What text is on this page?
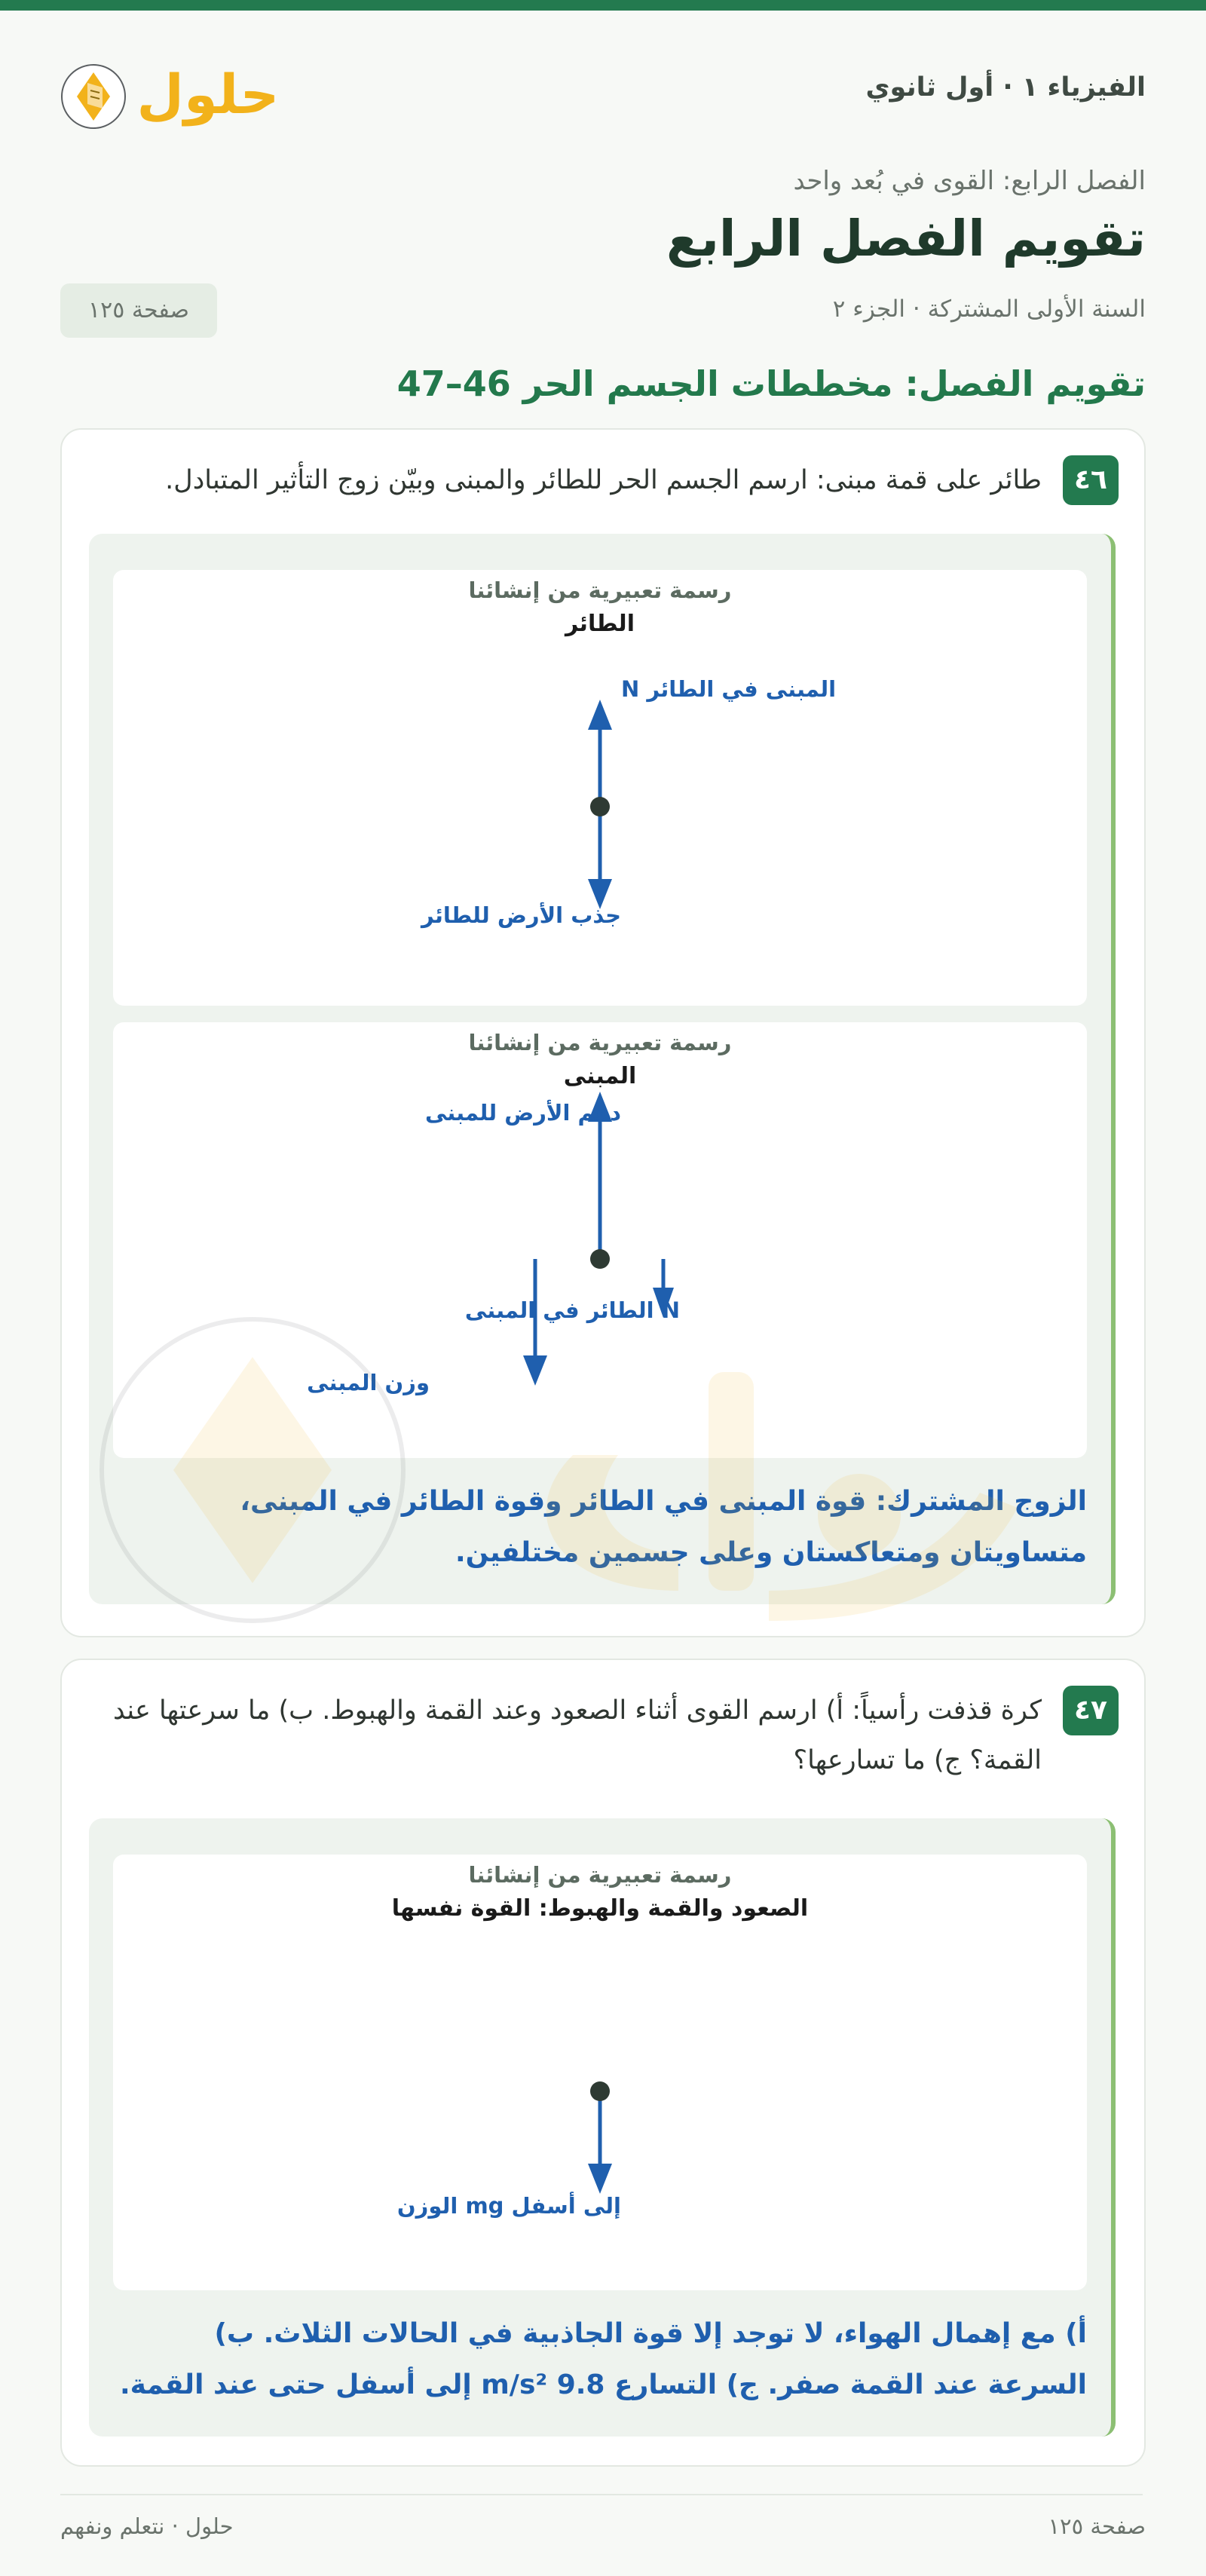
الفيزياء ١ · أول ثانوي
حلول
الفصل الرابع: القوى في بُعد واحد
تقويم الفصل الرابع
السنة الأولى المشتركة · الجزء ٢
صفحة ١٢٥
تقويم الفصل: مخططات الجسم الحر 46–47
٤٦
طائر على قمة مبنى: ارسم الجسم الحر للطائر والمبنى وبيّن زوج التأثير المتبادل.
N المبنى في الطائر
جذب الأرض للطائر
رسمة تعبيرية من إنشائنا
الطائر
دعم الأرض للمبنى
N الطائر في المبنى
وزن المبنى
رسمة تعبيرية من إنشائنا
المبنى
الزوج المشترك: قوة المبنى في الطائر وقوة الطائر في المبنى، متساويتان ومتعاكستان وعلى جسمين مختلفين.
٤٧
كرة قذفت رأسياً: أ) ارسم القوى أثناء الصعود وعند القمة والهبوط. ب) ما سرعتها عند القمة؟ ج) ما تسارعها؟
إلى أسفل mg الوزن
رسمة تعبيرية من إنشائنا
الصعود والقمة والهبوط: القوة نفسها
أ) مع إهمال الهواء، لا توجد إلا قوة الجاذبية في الحالات الثلاث. ب) السرعة عند القمة صفر. ج) التسارع 9.8 m/s² إلى أسفل حتى عند القمة.
صفحة ١٢٥
حلول · نتعلم ونفهم
